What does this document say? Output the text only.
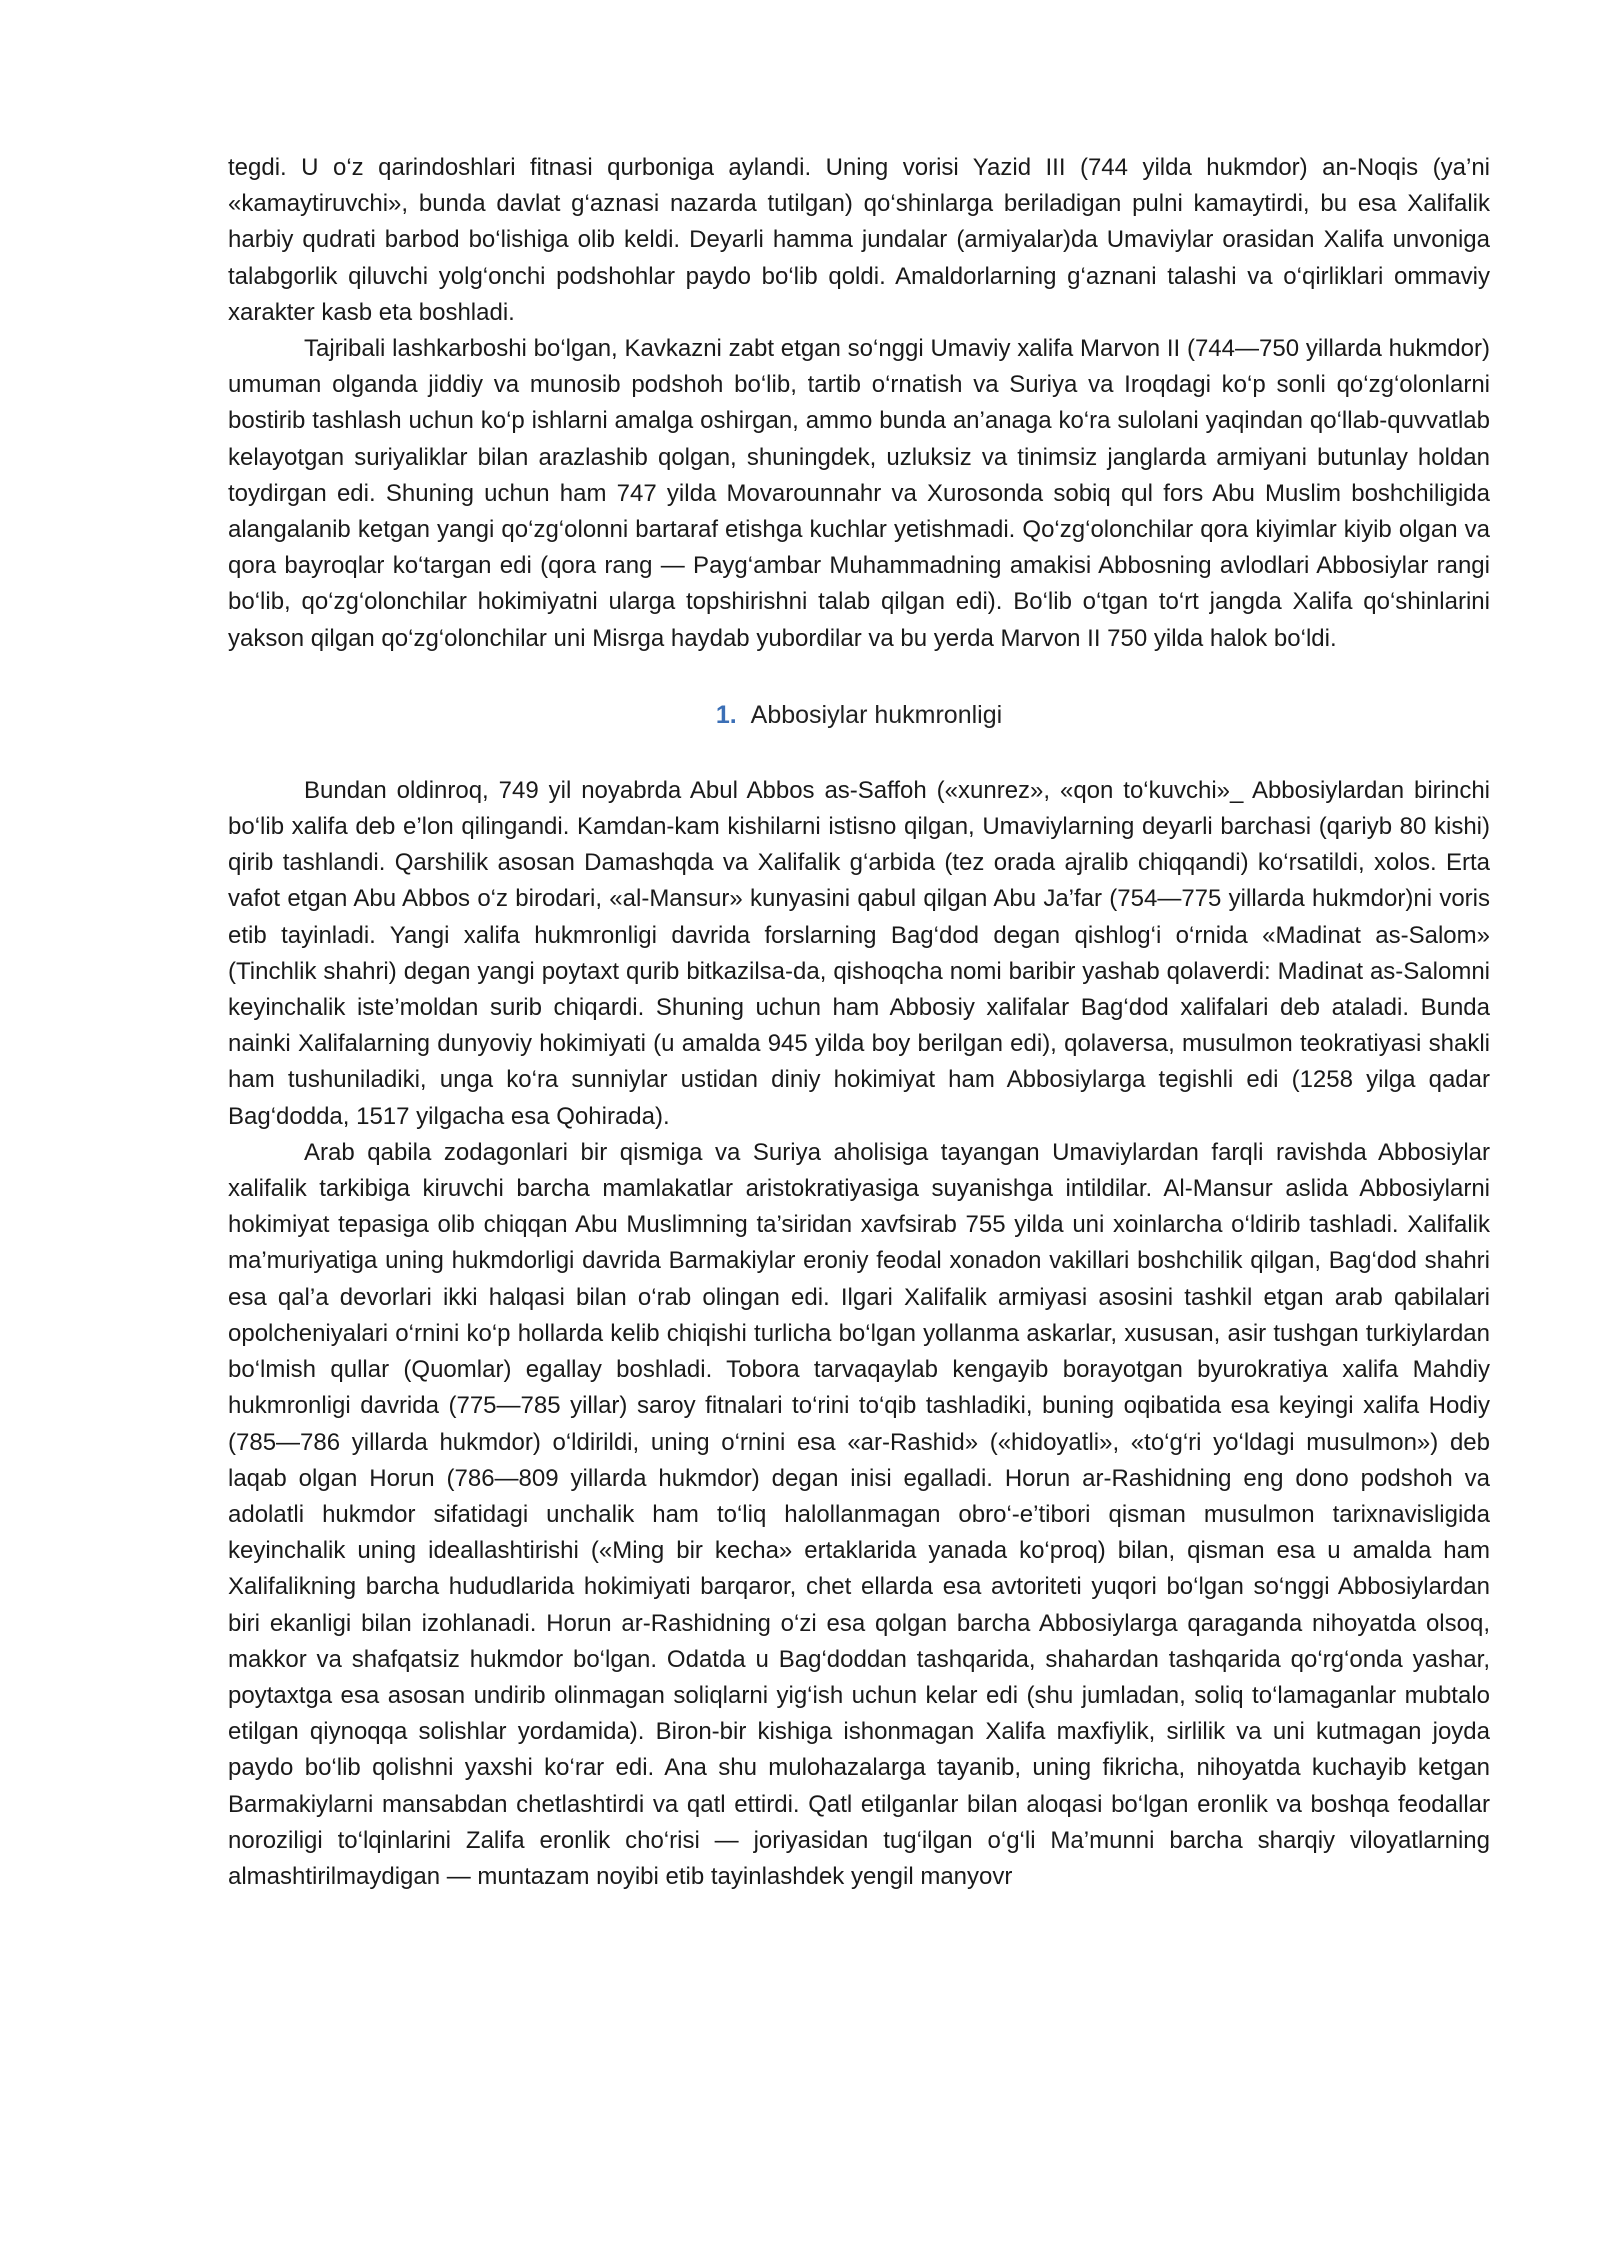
tegdi. U o‘z qarindoshlari fitnasi qurboniga aylandi. Uning vorisi Yazid III (744 yilda hukmdor) an-Noqis (ya’ni «kamaytiruvchi», bunda davlat g‘aznasi nazarda tutilgan) qo‘shinlarga beriladigan pulni kamaytirdi, bu esa Xalifalik harbiy qudrati barbod bo‘lishiga olib keldi. Deyarli hamma jundalar (armiyalar)da Umaviylar orasidan Xalifa unvoniga talabgorlik qiluvchi yolg‘onchi podshohlar paydo bo‘lib qoldi. Amaldorlarning g‘aznani talashi va o‘qirliklari ommaviy xarakter kasb eta boshladi.

Tajribali lashkarboshi bo‘lgan, Kavkazni zabt etgan so‘nggi Umaviy xalifa Marvon II (744—750 yillarda hukmdor) umuman olganda jiddiy va munosib podshoh bo‘lib, tartib o‘rnatish va Suriya va Iroqdagi ko‘p sonli qo‘zg‘olonlarni bostirib tashlash uchun ko‘p ishlarni amalga oshirgan, ammo bunda an’anaga ko‘ra sulolani yaqindan qo‘llab-quvvatlab kelayotgan suriyaliklar bilan arazlashib qolgan, shuningdek, uzluksiz va tinimsiz janglarda armiyani butunlay holdan toydirgan edi. Shuning uchun ham 747 yilda Movarounnahr va Xurosonda sobiq qul fors Abu Muslim boshchiligida alangalanib ketgan yangi qo‘zg‘olonni bartaraf etishga kuchlar yetishmadi. Qo‘zg‘olonchilar qora kiyimlar kiyib olgan va qora bayroqlar ko‘targan edi (qora rang — Payg‘ambar Muhammadning amakisi Abbosning avlodlari Abbosiylar rangi bo‘lib, qo‘zg‘olonchilar hokimiyatni ularga topshirishni talab qilgan edi). Bo‘lib o‘tgan to‘rt jangda Xalifa qo‘shinlarini yakson qilgan qo‘zg‘olonchilar uni Misrga haydab yubordilar va bu yerda Marvon II 750 yilda halok bo‘ldi.

1. Abbosiylar hukmronligi

Bundan oldinroq, 749 yil noyabrda Abul Abbos as-Saffoh («xunrez», «qon to‘kuvchi»_ Abbosiylardan birinchi bo‘lib xalifa deb e’lon qilingandi. Kamdan-kam kishilarni istisno qilgan, Umaviylarning deyarli barchasi (qariyb 80 kishi) qirib tashlandi. Qarshilik asosan Damashqda va Xalifalik g‘arbida (tez orada ajralib chiqqandi) ko‘rsatildi, xolos. Erta vafot etgan Abu Abbos o‘z birodari, «al-Mansur» kunyasini qabul qilgan Abu Ja’far (754—775 yillarda hukmdor)ni voris etib tayinladi. Yangi xalifa hukmronligi davrida forslarning Bag‘dod degan qishlog‘i o‘rnida «Madinat as-Salom» (Tinchlik shahri) degan yangi poytaxt qurib bitkazilsa-da, qishoqcha nomi baribir yashab qolaverdi: Madinat as-Salomni keyinchalik iste’moldan surib chiqardi. Shuning uchun ham Abbosiy xalifalar Bag‘dod xalifalari deb ataladi. Bunda nainki Xalifalarning dunyoviy hokimiyati (u amalda 945 yilda boy berilgan edi), qolaversa, musulmon teokratiyasi shakli ham tushuniladiki, unga ko‘ra sunniylar ustidan diniy hokimiyat ham Abbosiylarga tegishli edi (1258 yilga qadar Bag‘dodda, 1517 yilgacha esa Qohirada).

Arab qabila zodagonlari bir qismiga va Suriya aholisiga tayangan Umaviylardan farqli ravishda Abbosiylar xalifalik tarkibiga kiruvchi barcha mamlakatlar aristokratiyasiga suyanishga intildilar. Al-Mansur aslida Abbosiylarni hokimiyat tepasiga olib chiqqan Abu Muslimning ta’siridan xavfsirab 755 yilda uni xoinlarcha o‘ldirib tashladi. Xalifalik ma’muriyatiga uning hukmdorligi davrida Barmakiylar eroniy feodal xonadon vakillari boshchilik qilgan, Bag‘dod shahri esa qal’a devorlari ikki halqasi bilan o‘rab olingan edi. Ilgari Xalifalik armiyasi asosini tashkil etgan arab qabilalari opolcheniyalari o‘rnini ko‘p hollarda kelib chiqishi turlicha bo‘lgan yollanma askarlar, xususan, asir tushgan turkiylardan bo‘lmish qullar (Quomlar) egallay boshladi. Tobora tarvaqaylab kengayib borayotgan byurokratiya xalifa Mahdiy hukmronligi davrida (775—785 yillar) saroy fitnalari to‘rini to‘qib tashladiki, buning oqibatida esa keyingi xalifa Hodiy (785—786 yillarda hukmdor) o‘ldirildi, uning o‘rnini esa «ar-Rashid» («hidoyatli», «to‘g‘ri yo‘ldagi musulmon») deb laqab olgan Horun (786—809 yillarda hukmdor) degan inisi egalladi. Horun ar-Rashidning eng dono podshoh va adolatli hukmdor sifatidagi unchalik ham to‘liq halollanmagan obro‘-e’tibori qisman musulmon tarixnavisligida keyinchalik uning ideallashtirishi («Ming bir kecha» ertaklarida yanada ko‘proq) bilan, qisman esa u amalda ham Xalifalikning barcha hududlarida hokimiyati barqaror, chet ellarda esa avtoriteti yuqori bo‘lgan so‘nggi Abbosiylardan biri ekanligi bilan izohlanadi. Horun ar-Rashidning o‘zi esa qolgan barcha Abbosiylarga qaraganda nihoyatda olsoq, makkor va shafqatsiz hukmdor bo‘lgan. Odatda u Bag‘doddan tashqarida, shahardan tashqarida qo‘rg‘onda yashar, poytaxtga esa asosan undirib olinmagan soliqlarni yig‘ish uchun kelar edi (shu jumladan, soliq to‘lamaganlar mubtalo etilgan qiynoqqa solishlar yordamida). Biron-bir kishiga ishonmagan Xalifa maxfiylik, sirlilik va uni kutmagan joyda paydo bo‘lib qolishni yaxshi ko‘rar edi. Ana shu mulohazalarga tayanib, uning fikricha, nihoyatda kuchayib ketgan Barmakiylarni mansabdan chetlashtirdi va qatl ettirdi. Qatl etilganlar bilan aloqasi bo‘lgan eronlik va boshqa feodallar noroziligi to‘lqinlarini Zalifa eronlik cho‘risi — joriyasidan tug‘ilgan o‘g‘li Ma’munni barcha sharqiy viloyatlarning almashtirilmaydigan — muntazam noyibi etib tayinlashdek yengil manyovr
